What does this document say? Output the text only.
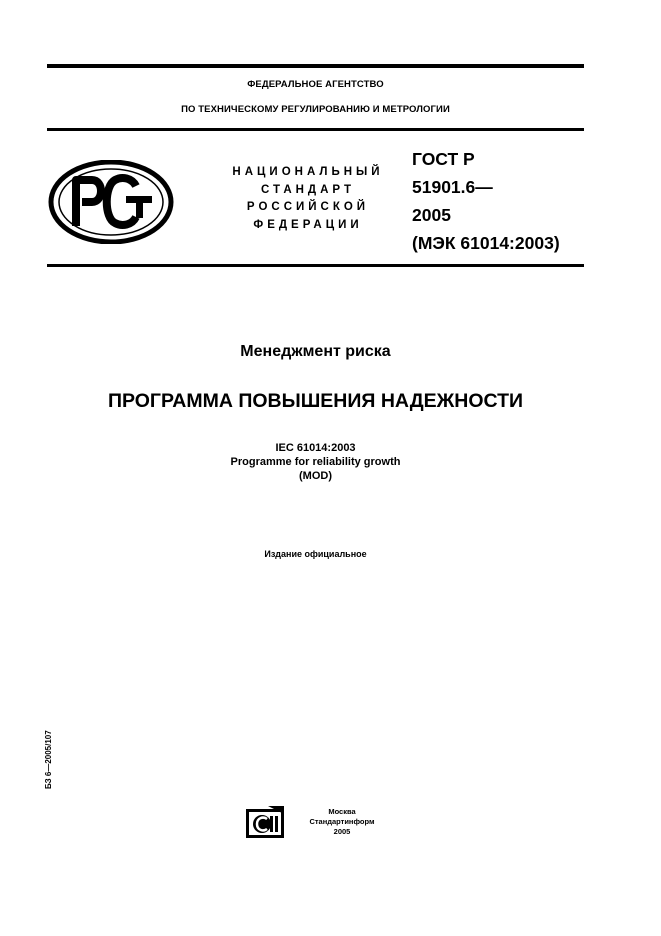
ФЕДЕРАЛЬНОЕ АГЕНТСТВО
ПО ТЕХНИЧЕСКОМУ РЕГУЛИРОВАНИЮ И МЕТРОЛОГИИ
НАЦИОНАЛЬНЫЙ
СТАНДАРТ
РОССИЙСКОЙ
ФЕДЕРАЦИИ
ГОСТ Р
51901.6—
2005
(МЭК 61014:2003)
Менеджмент риска
ПРОГРАММА ПОВЫШЕНИЯ НАДЕЖНОСТИ
IEC 61014:2003
Programme for reliability growth
(MOD)
Издание официальное
БЗ 6—2005/107
Москва
Стандартинформ
2005
